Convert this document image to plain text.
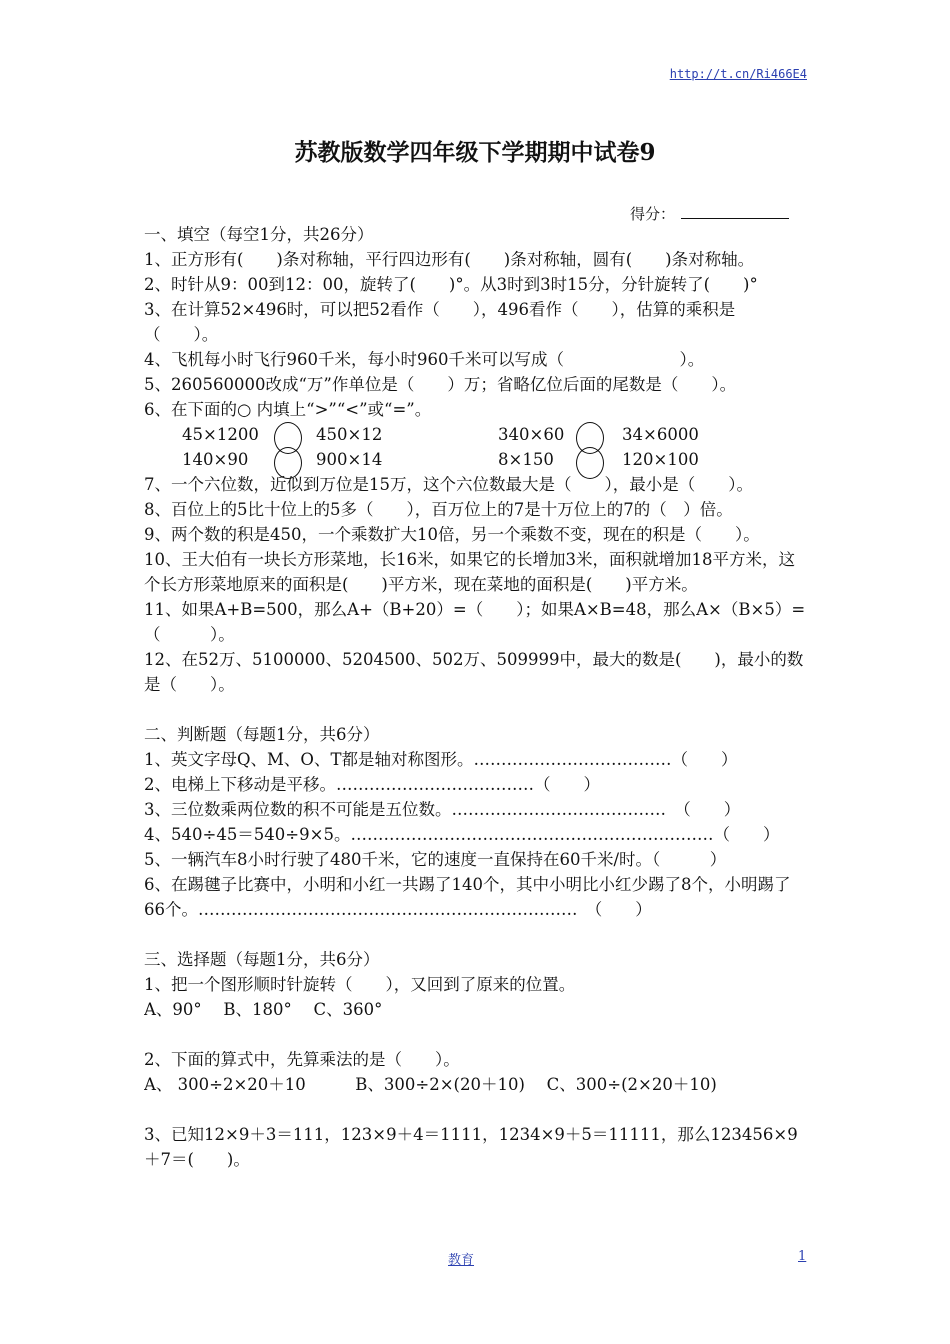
http://t.cn/Ri466E4
苏教版数学四年级下学期期中试卷9
得分：
一、填空（每空1分，共26分）
1、正方形有(　　)条对称轴，平行四边形有(　　)条对称轴，圆有(　　)条对称轴。
2、时针从9：00到12：00，旋转了(　　)°。从3时到3时15分，分针旋转了(　　)°
3、在计算52×496时，可以把52看作（　　），496看作（　　），估算的乘积是（　　）。
4、飞机每小时飞行960千米，每小时960千米可以写成（　　　　　　　）。
5、260560000改成“万”作单位是（　　）万；省略亿位后面的尾数是（　　）。
6、在下面的○ 内填上“>”“<”或“=”。
45×1200	450×12	340×60	34×6000
140×90	900×14	8×150	120×100
7、一个六位数，近似到万位是15万，这个六位数最大是（　　），最小是（　　）。
8、百位上的5比十位上的5多（　　），百万位上的7是十万位上的7的（　）倍。
9、两个数的积是450，一个乘数扩大10倍，另一个乘数不变，现在的积是（　　）。
10、王大伯有一块长方形菜地，长16米，如果它的长增加3米，面积就增加18平方米，这个长方形菜地原来的面积是(　　)平方米，现在菜地的面积是(　　)平方米。
11、如果A+B=500，那么A+（B+20）=（　　）；如果A×B=48，那么A×（B×5）=（　　　）。
12、在52万、5100000、5204500、502万、509999中，最大的数是(　　)，最小的数是（　　）。
二、判断题（每题1分，共6分）
1、英文字母Q、M、O、T都是轴对称图形。………………………………（　　）
2、电梯上下移动是平移。………………………………（　　）
3、三位数乘两位数的积不可能是五位数。…………………………………　（　　）
4、540÷45＝540÷9×5。…………………………………………………………（　　）
5、一辆汽车8小时行驶了480千米，它的速度一直保持在60千米/时。（　　　）
6、在踢毽子比赛中，小明和小红一共踢了140个，其中小明比小红少踢了8个，小明踢了66个。……………………………………………………………　（　　）
三、选择题（每题1分，共6分）
1、把一个图形顺时针旋转（　　），又回到了原来的位置。
A、90°　 B、180°　 C、360°
2、下面的算式中，先算乘法的是（　　）。
A、 300÷2×20＋10　　　B、300÷2×(20＋10)　 C、300÷(2×20＋10)
3、已知12×9＋3＝111，123×9＋4＝1111，1234×9＋5＝11111，那么123456×9＋7＝(　　)。
教育	1
